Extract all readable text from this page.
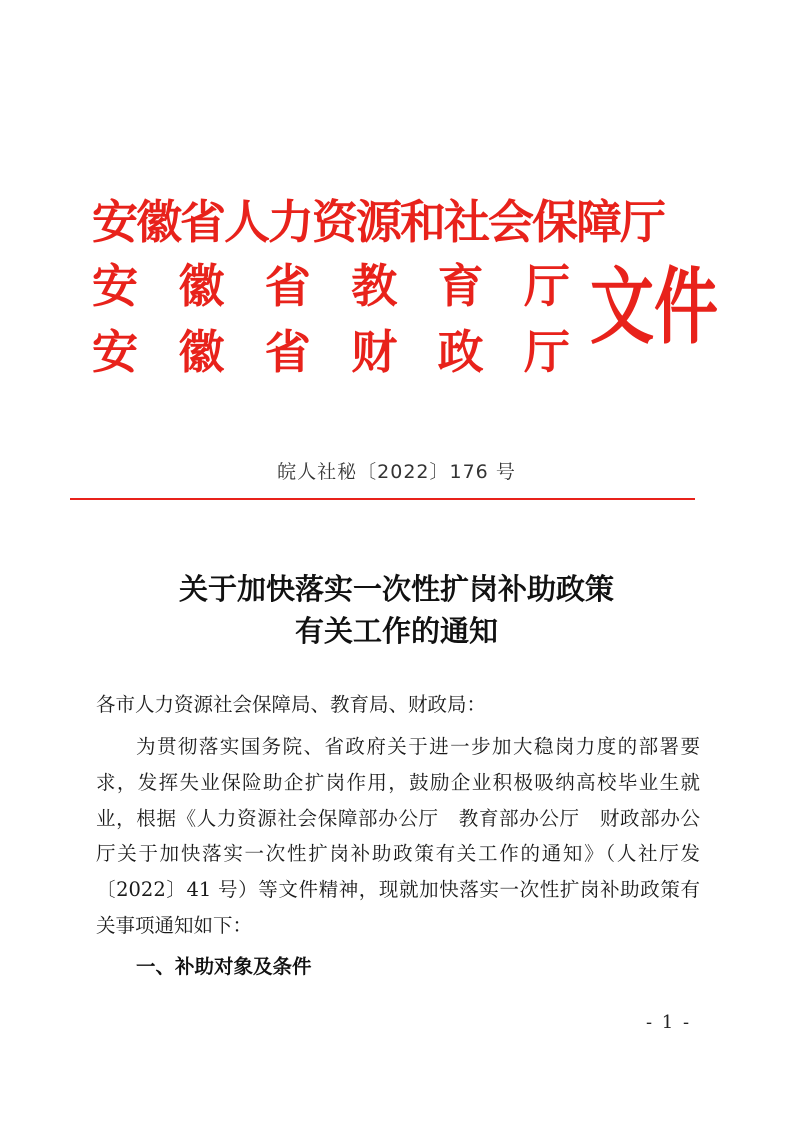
安徽省人力资源和社会保障厅
安徽省教育厅
安徽省财政厅 文件
皖人社秘〔2022〕176 号
关于加快落实一次性扩岗补助政策
有关工作的通知
各市人力资源社会保障局、教育局、财政局：
为贯彻落实国务院、省政府关于进一步加大稳岗力度的部署要求，发挥失业保险助企扩岗作用，鼓励企业积极吸纳高校毕业生就业，根据《人力资源社会保障部办公厅　教育部办公厅　财政部办公厅关于加快落实一次性扩岗补助政策有关工作的通知》（人社厅发〔2022〕41 号）等文件精神，现就加快落实一次性扩岗补助政策有关事项通知如下：
一、补助对象及条件
- 1 -
